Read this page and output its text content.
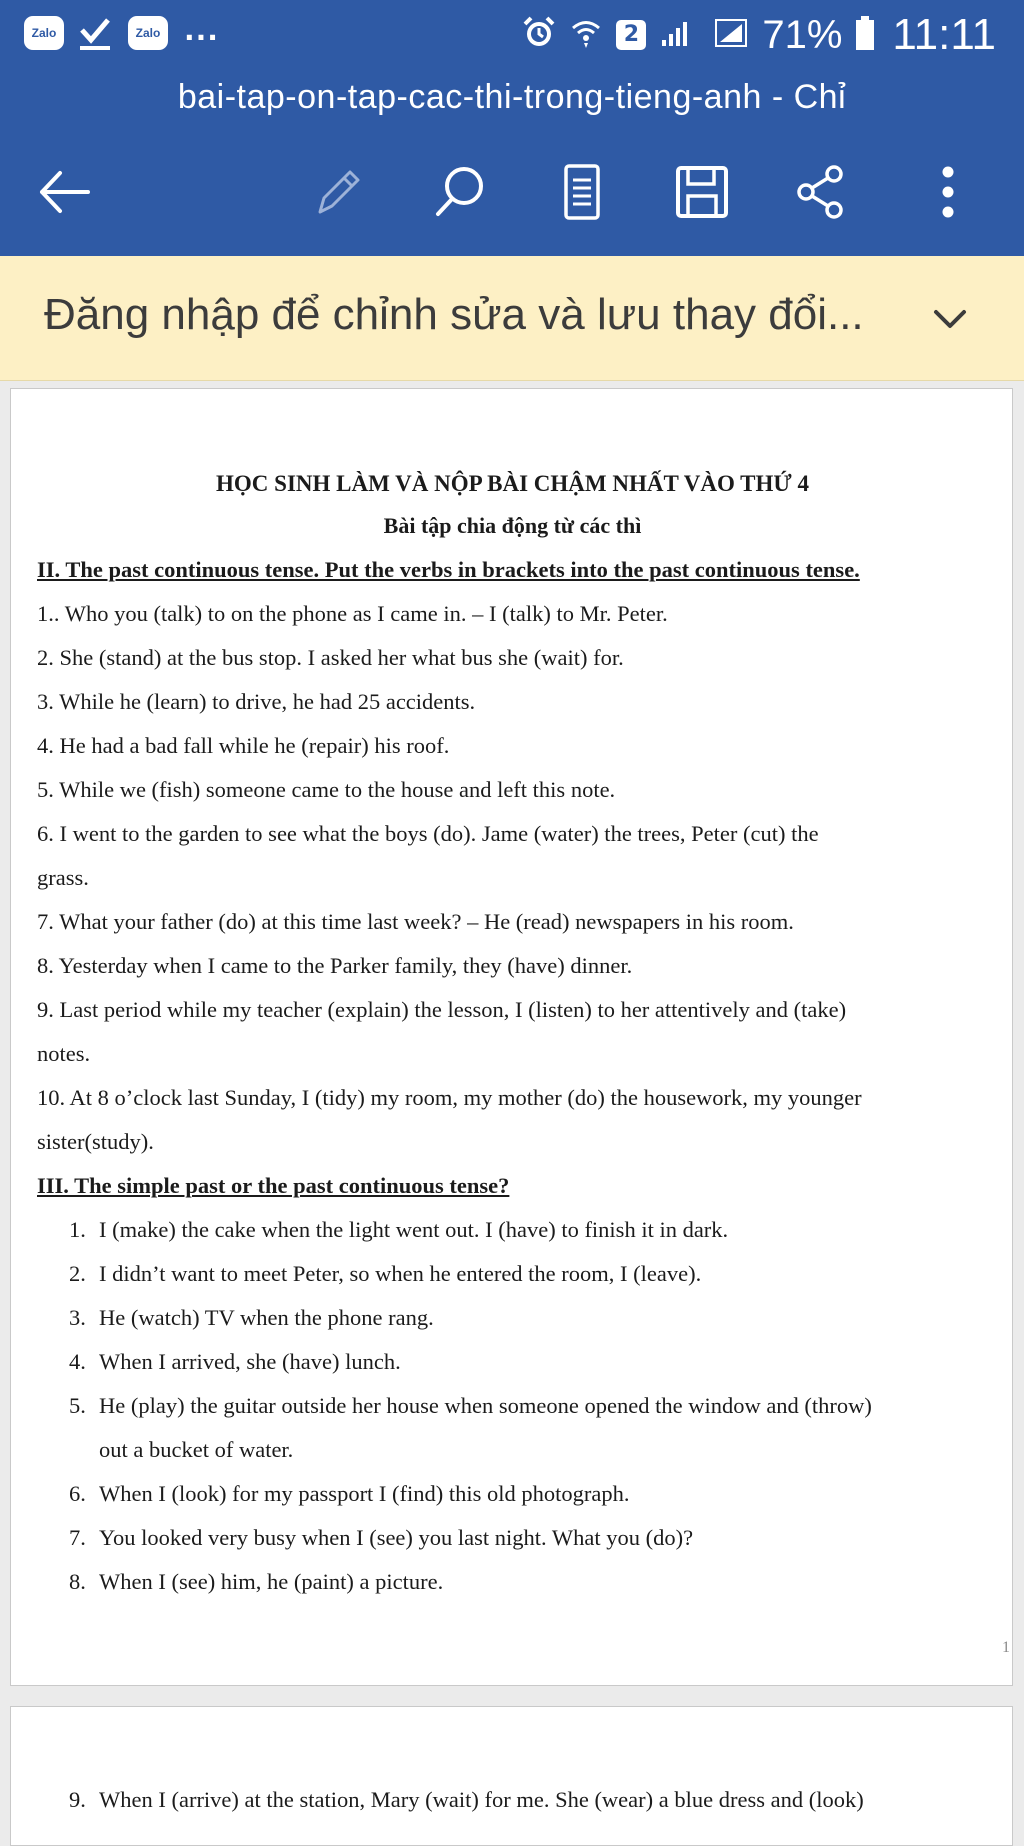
Zalo	Zalo ...	2	71% 11:11
bai-tap-on-tap-cac-thi-trong-tieng-anh - Chỉ
Đăng nhập để chỉnh sửa và lưu thay đổi...
HỌC SINH LÀM VÀ NỘP BÀI CHẬM NHẤT VÀO THỨ 4
Bài tập chia động từ các thì
II. The past continuous tense. Put the verbs in brackets into the past continuous tense.
1.. Who you (talk) to on the phone as I came in. – I (talk) to Mr. Peter.
2. She (stand) at the bus stop. I asked her what bus she (wait) for.
3. While he (learn) to drive, he had 25 accidents.
4. He had a bad fall while he (repair) his roof.
5. While we (fish) someone came to the house and left this note.
6. I went to the garden to see what the boys (do). Jame (water) the trees, Peter (cut) the
grass.
7. What your father (do) at this time last week? – He (read) newspapers in his room.
8. Yesterday when I came to the Parker family, they (have) dinner.
9. Last period while my teacher (explain) the lesson, I (listen) to her attentively and (take)
notes.
10. At 8 o’clock last Sunday, I (tidy) my room, my mother (do) the housework, my younger
sister(study).
III. The simple past or the past continuous tense?
1. I (make) the cake when the light went out. I (have) to finish it in dark.
2. I didn’t want to meet Peter, so when he entered the room, I (leave).
3. He (watch) TV when the phone rang.
4. When I arrived, she (have) lunch.
5. He (play) the guitar outside her house when someone opened the window and (throw)
out a bucket of water.
6. When I (look) for my passport I (find) this old photograph.
7. You looked very busy when I (see) you last night. What you (do)?
8. When I (see) him, he (paint) a picture.
1
9. When I (arrive) at the station, Mary (wait) for me. She (wear) a blue dress and (look)
